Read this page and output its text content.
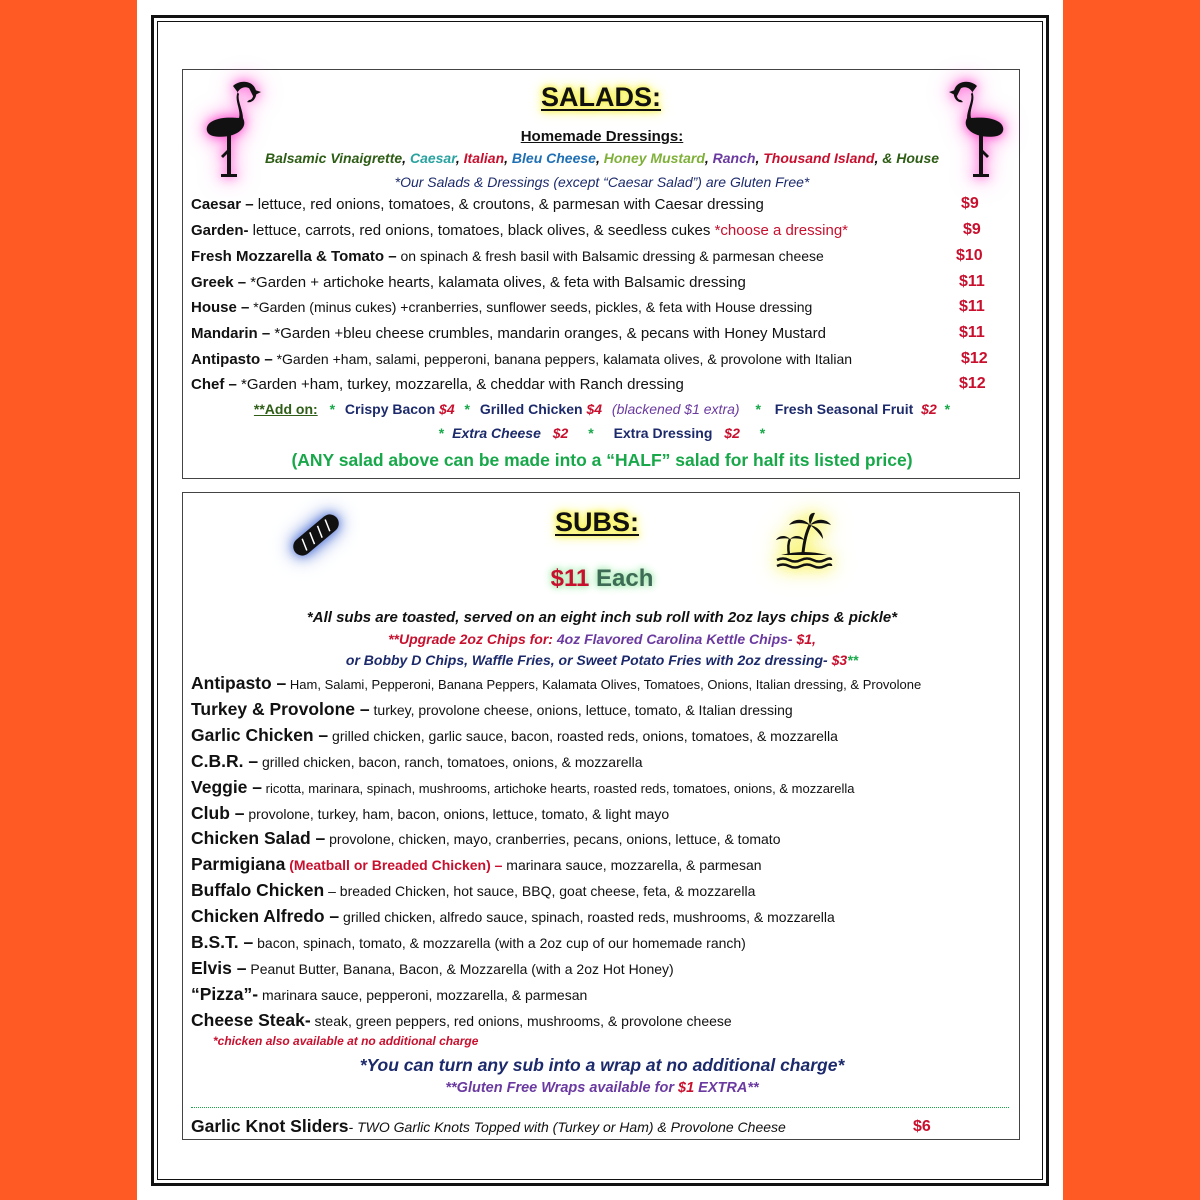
SALADS:
Homemade Dressings:
Balsamic Vinaigrette, Caesar, Italian, Bleu Cheese, Honey Mustard, Ranch, Thousand Island, & House
*Our Salads & Dressings (except “Caesar Salad”) are Gluten Free*
Caesar – lettuce, red onions, tomatoes, & croutons, & parmesan with Caesar dressing	$9
Garden- lettuce, carrots, red onions, tomatoes, black olives, & seedless cukes *choose a dressing*	$9
Fresh Mozzarella & Tomato – on spinach & fresh basil with Balsamic dressing & parmesan cheese	$10
Greek – *Garden + artichoke hearts, kalamata olives, & feta with Balsamic dressing	$11
House – *Garden (minus cukes) +cranberries, sunflower seeds, pickles, & feta with House dressing	$11
Mandarin – *Garden +bleu cheese crumbles, mandarin oranges, & pecans with Honey Mustard	$11
Antipasto – *Garden +ham, salami, pepperoni, banana peppers, kalamata olives, & provolone with Italian	$12
Chef – *Garden +ham, turkey, mozzarella, & cheddar with Ranch dressing	$12
**Add on: * Crispy Bacon $4 * Grilled Chicken $4 (blackened $1 extra) * Fresh Seasonal Fruit $2 *
* Extra Cheese $2 * Extra Dressing $2 *
(ANY salad above can be made into a “HALF” salad for half its listed price)
SUBS:
$11 Each
*All subs are toasted, served on an eight inch sub roll with 2oz lays chips & pickle*
**Upgrade 2oz Chips for: 4oz Flavored Carolina Kettle Chips- $1,
or Bobby D Chips, Waffle Fries, or Sweet Potato Fries with 2oz dressing- $3**
Antipasto – Ham, Salami, Pepperoni, Banana Peppers, Kalamata Olives, Tomatoes, Onions, Italian dressing, & Provolone
Turkey & Provolone – turkey, provolone cheese, onions, lettuce, tomato, & Italian dressing
Garlic Chicken – grilled chicken, garlic sauce, bacon, roasted reds, onions, tomatoes, & mozzarella
C.B.R. – grilled chicken, bacon, ranch, tomatoes, onions, & mozzarella
Veggie – ricotta, marinara, spinach, mushrooms, artichoke hearts, roasted reds, tomatoes, onions, & mozzarella
Club – provolone, turkey, ham, bacon, onions, lettuce, tomato, & light mayo
Chicken Salad – provolone, chicken, mayo, cranberries, pecans, onions, lettuce, & tomato
Parmigiana (Meatball or Breaded Chicken) – marinara sauce, mozzarella, & parmesan
Buffalo Chicken – breaded Chicken, hot sauce, BBQ, goat cheese, feta, & mozzarella
Chicken Alfredo – grilled chicken, alfredo sauce, spinach, roasted reds, mushrooms, & mozzarella
B.S.T. – bacon, spinach, tomato, & mozzarella (with a 2oz cup of our homemade ranch)
Elvis – Peanut Butter, Banana, Bacon, & Mozzarella (with a 2oz Hot Honey)
“Pizza”- marinara sauce, pepperoni, mozzarella, & parmesan
Cheese Steak- steak, green peppers, red onions, mushrooms, & provolone cheese
*chicken also available at no additional charge
*You can turn any sub into a wrap at no additional charge*
**Gluten Free Wraps available for $1 EXTRA**
Garlic Knot Sliders- TWO Garlic Knots Topped with (Turkey or Ham) & Provolone Cheese	$6
